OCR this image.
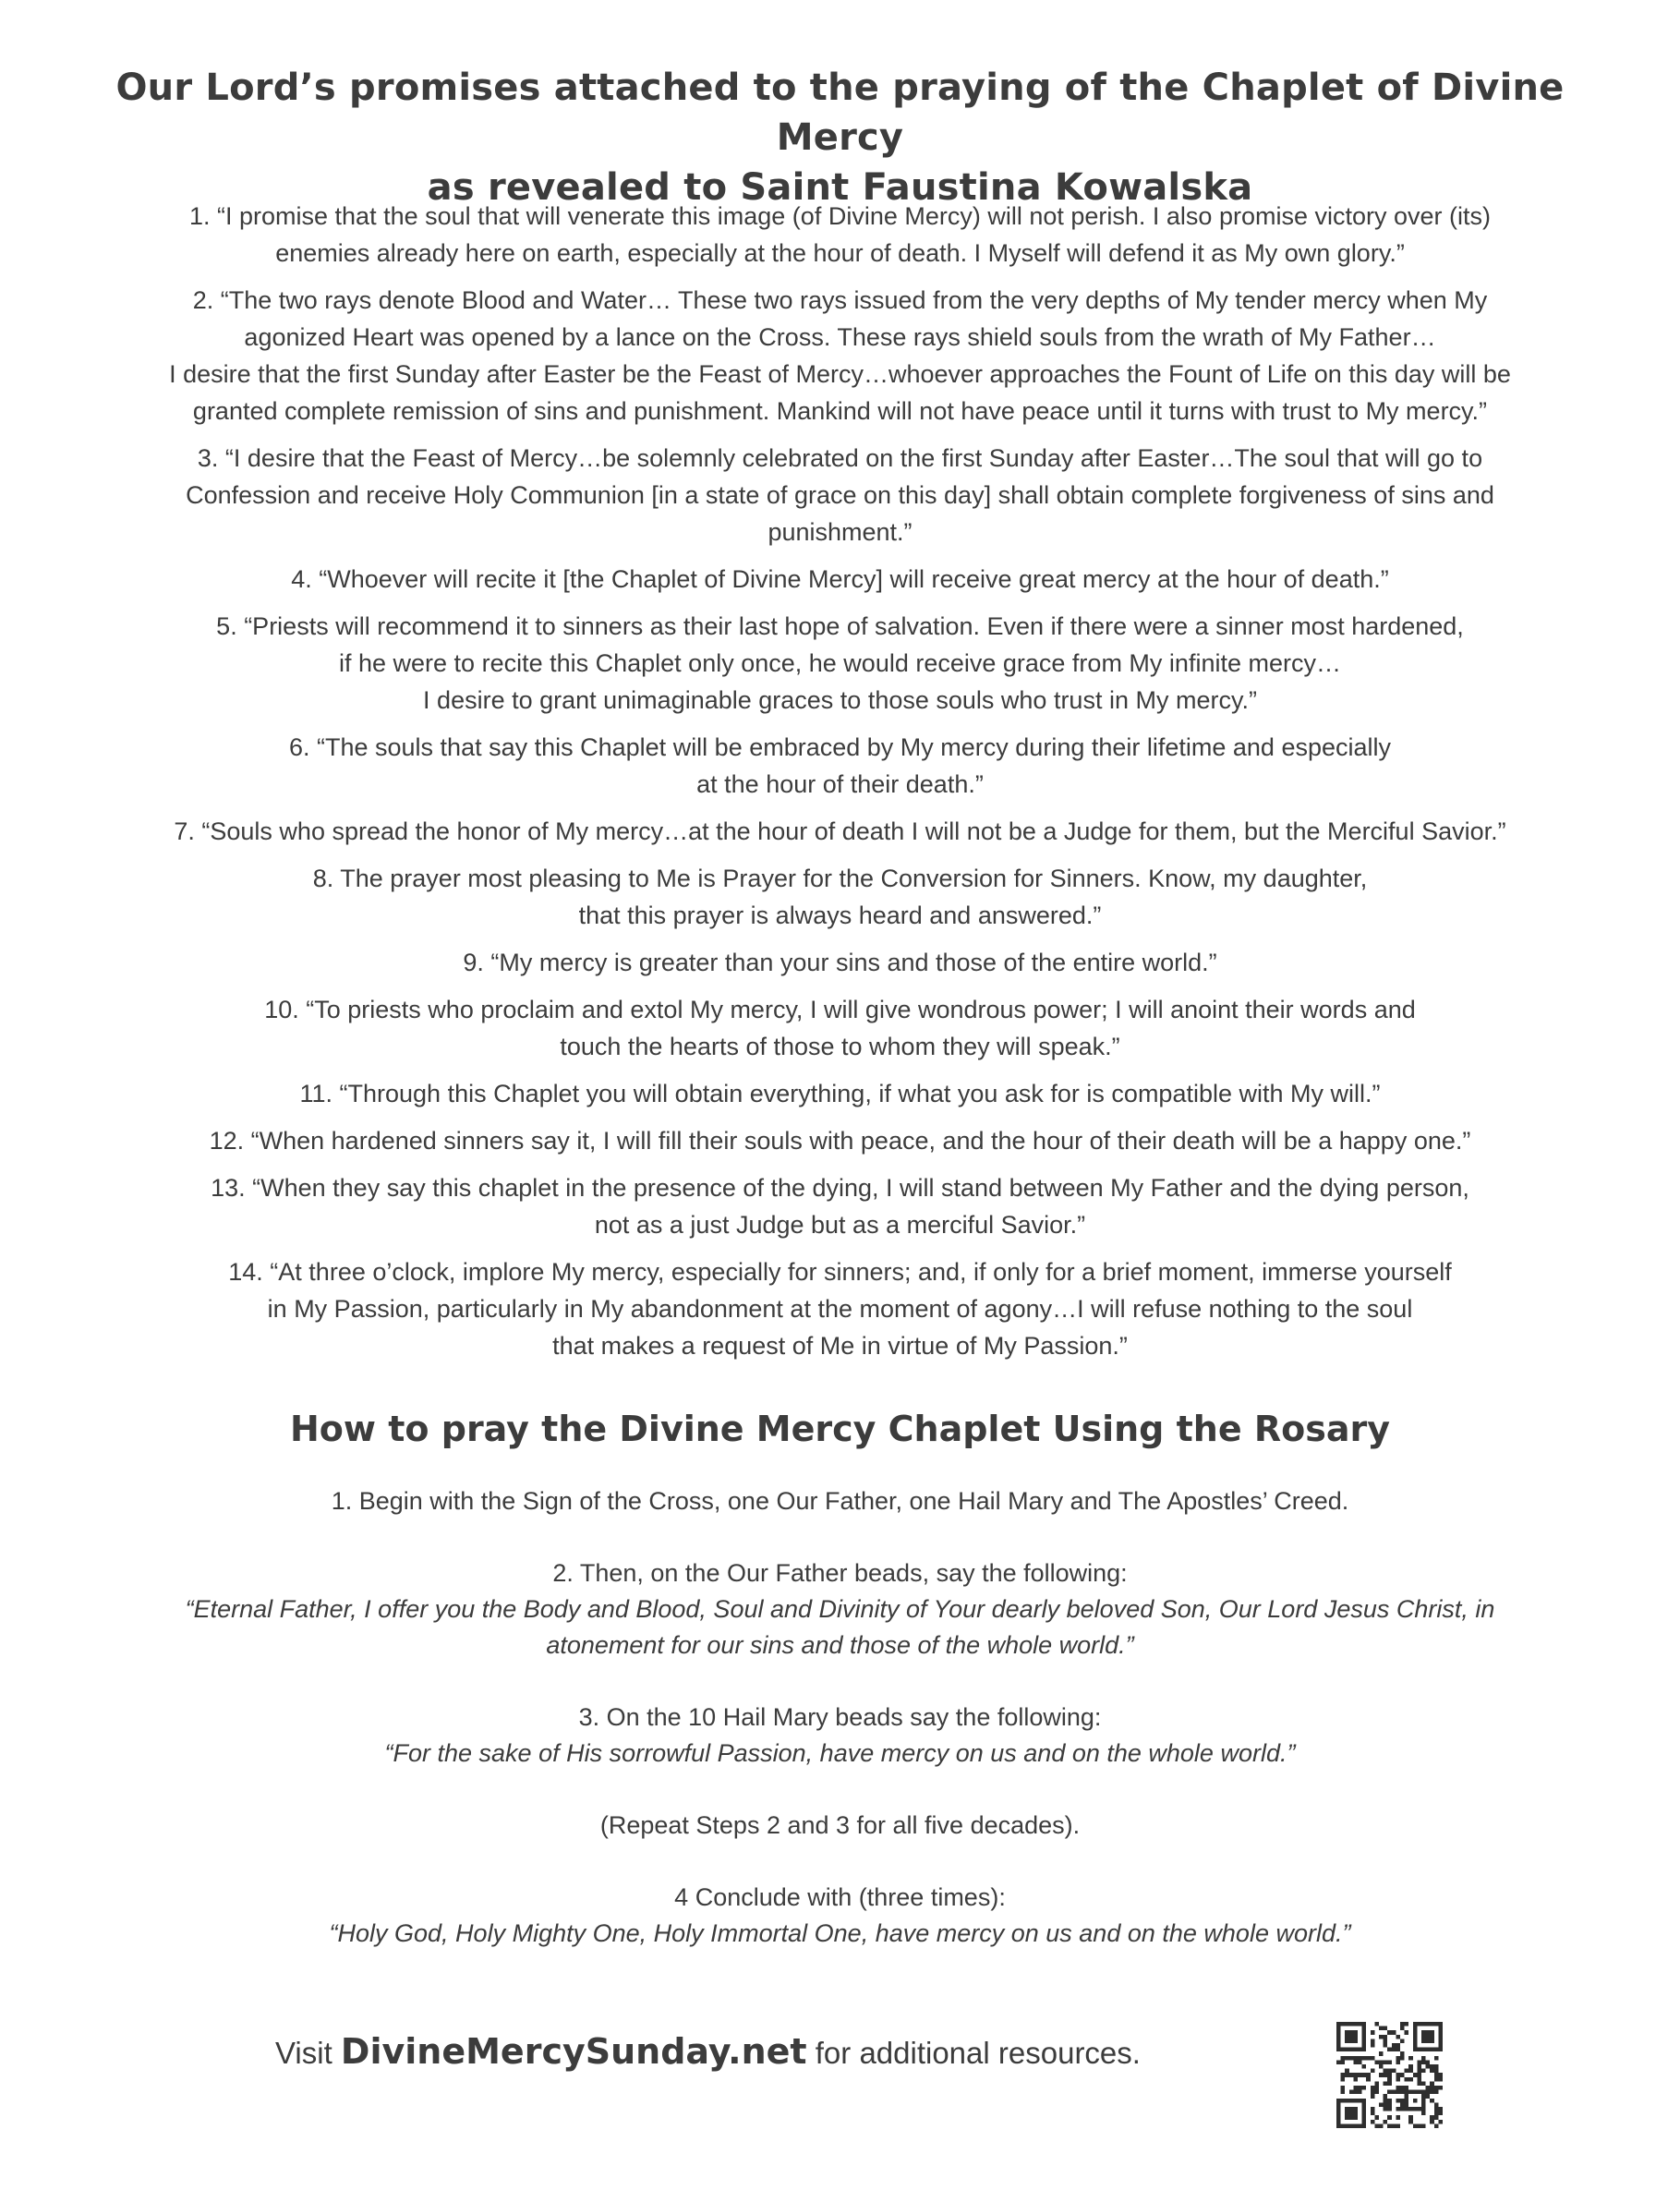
Our Lord’s promises attached to the praying of the Chaplet of Divine Mercy
as revealed to Saint Faustina Kowalska
1. “I promise that the soul that will venerate this image (of Divine Mercy) will not perish. I also promise victory over (its)
enemies already here on earth, especially at the hour of death. I Myself will defend it as My own glory.”
2. “The two rays denote Blood and Water… These two rays issued from the very depths of My tender mercy when My
agonized Heart was opened by a lance on the Cross. These rays shield souls from the wrath of My Father…
I desire that the first Sunday after Easter be the Feast of Mercy…whoever approaches the Fount of Life on this day will be
granted complete remission of sins and punishment. Mankind will not have peace until it turns with trust to My mercy.”
3. “I desire that the Feast of Mercy…be solemnly celebrated on the first Sunday after Easter…The soul that will go to
Confession and receive Holy Communion [in a state of grace on this day] shall obtain complete forgiveness of sins and
punishment.”
4. “Whoever will recite it [the Chaplet of Divine Mercy] will receive great mercy at the hour of death.”
5. “Priests will recommend it to sinners as their last hope of salvation. Even if there were a sinner most hardened,
if he were to recite this Chaplet only once, he would receive grace from My infinite mercy…
I desire to grant unimaginable graces to those souls who trust in My mercy.”
6. “The souls that say this Chaplet will be embraced by My mercy during their lifetime and especially
at the hour of their death.”
7. “Souls who spread the honor of My mercy…at the hour of death I will not be a Judge for them, but the Merciful Savior.”
8. The prayer most pleasing to Me is Prayer for the Conversion for Sinners. Know, my daughter,
that this prayer is always heard and answered.”
9. “My mercy is greater than your sins and those of the entire world.”
10. “To priests who proclaim and extol My mercy, I will give wondrous power; I will anoint their words and
touch the hearts of those to whom they will speak.”
11. “Through this Chaplet you will obtain everything, if what you ask for is compatible with My will.”
12. “When hardened sinners say it, I will fill their souls with peace, and the hour of their death will be a happy one.”
13. “When they say this chaplet in the presence of the dying, I will stand between My Father and the dying person,
not as a just Judge but as a merciful Savior.”
14. “At three o’clock, implore My mercy, especially for sinners; and, if only for a brief moment, immerse yourself
in My Passion, particularly in My abandonment at the moment of agony…I will refuse nothing to the soul
that makes a request of Me in virtue of My Passion.”
How to pray the Divine Mercy Chaplet Using the Rosary
1. Begin with the Sign of the Cross, one Our Father, one Hail Mary and The Apostles’ Creed.
2. Then, on the Our Father beads, say the following:
“Eternal Father, I offer you the Body and Blood, Soul and Divinity of Your dearly beloved Son, Our Lord Jesus Christ, in
atonement for our sins and those of the whole world.”
3. On the 10 Hail Mary beads say the following:
“For the sake of His sorrowful Passion, have mercy on us and on the whole world.”
(Repeat Steps 2 and 3 for all five decades).
4 Conclude with (three times):
“Holy God, Holy Mighty One, Holy Immortal One, have mercy on us and on the whole world.”
Visit DivineMercySunday.net for additional resources.
